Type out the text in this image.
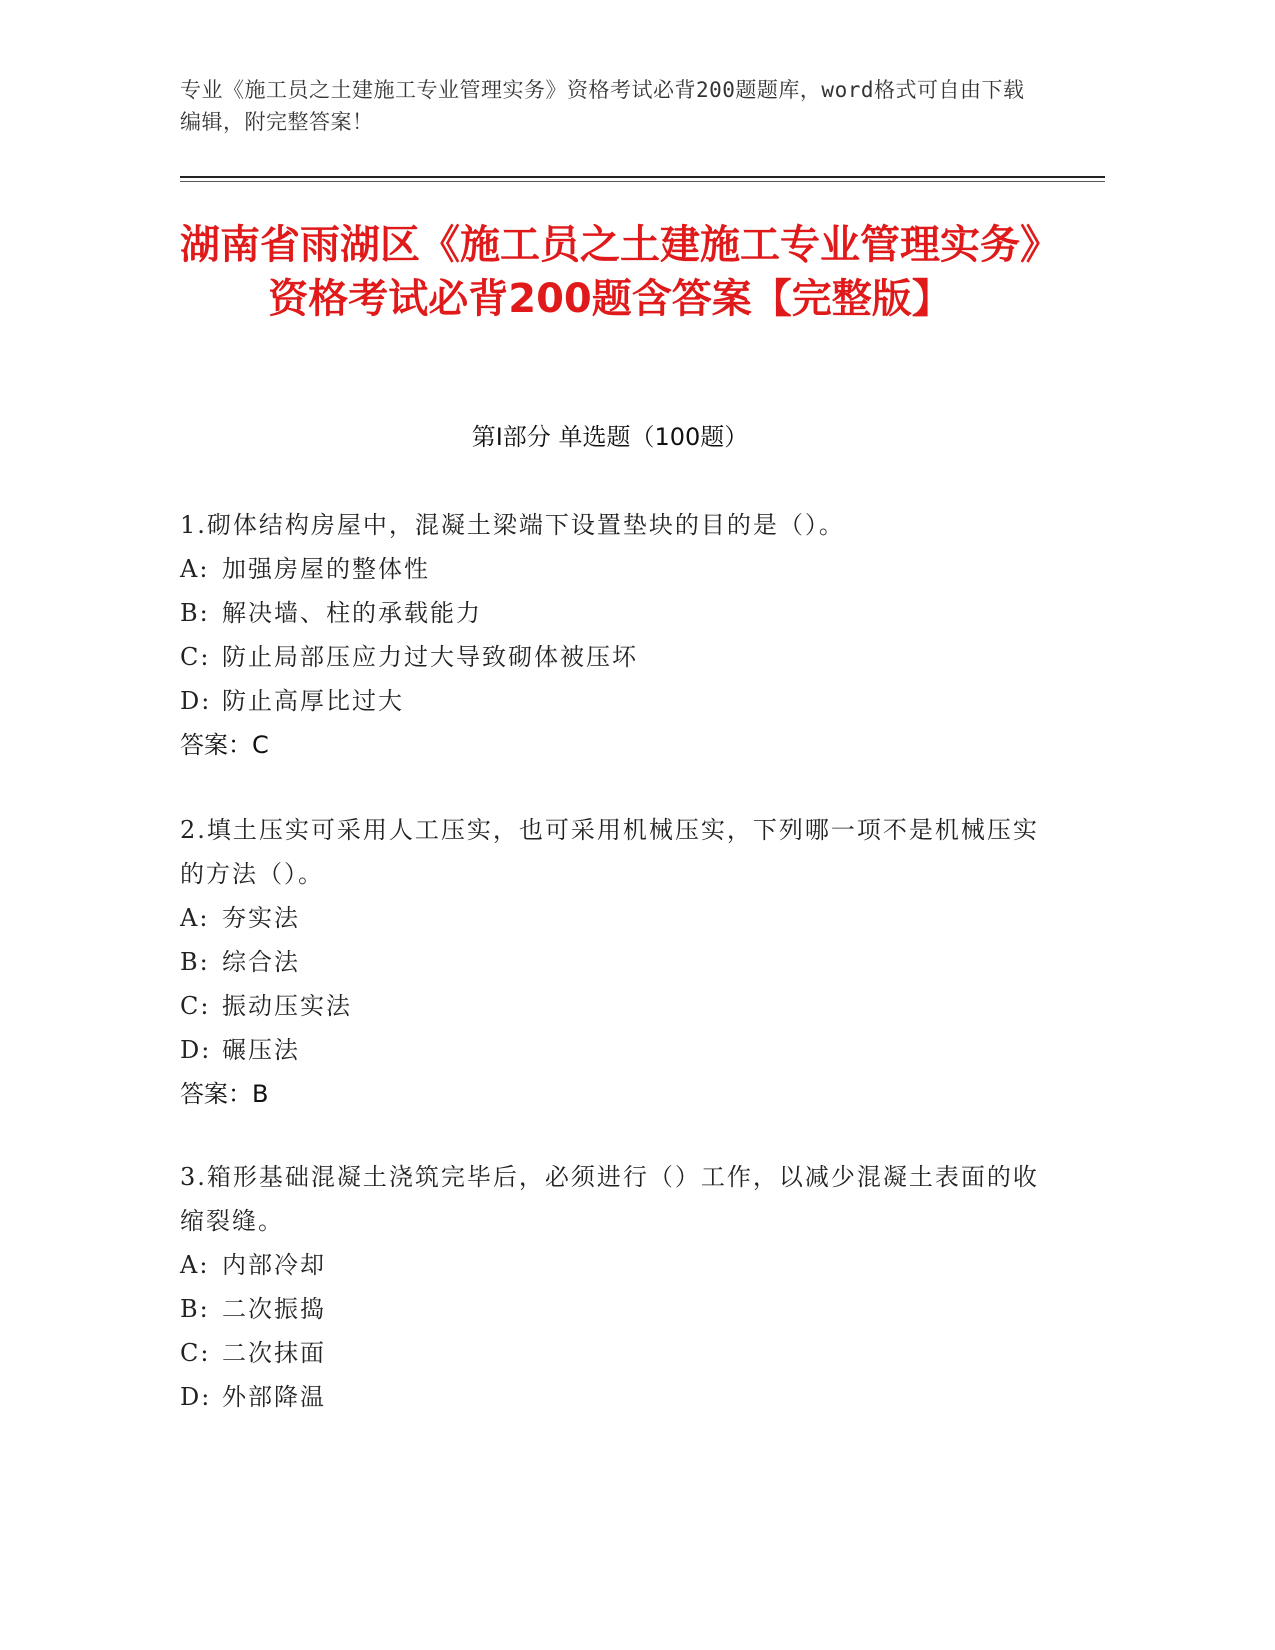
专业《施工员之土建施工专业管理实务》资格考试必背200题题库，word格式可自由下载编辑，附完整答案！
湖南省雨湖区《施工员之土建施工专业管理实务》资格考试必背200题含答案【完整版】
第I部分 单选题（100题）
1.砌体结构房屋中，混凝土梁端下设置垫块的目的是（）。
A: 加强房屋的整体性
B: 解决墙、柱的承载能力
C: 防止局部压应力过大导致砌体被压坏
D: 防止高厚比过大
答案：C
2.填土压实可采用人工压实，也可采用机械压实，下列哪一项不是机械压实的方法（）。
A: 夯实法
B: 综合法
C: 振动压实法
D: 碾压法
答案：B
3.箱形基础混凝土浇筑完毕后，必须进行（）工作，以减少混凝土表面的收缩裂缝。
A: 内部冷却
B: 二次振捣
C: 二次抹面
D: 外部降温
